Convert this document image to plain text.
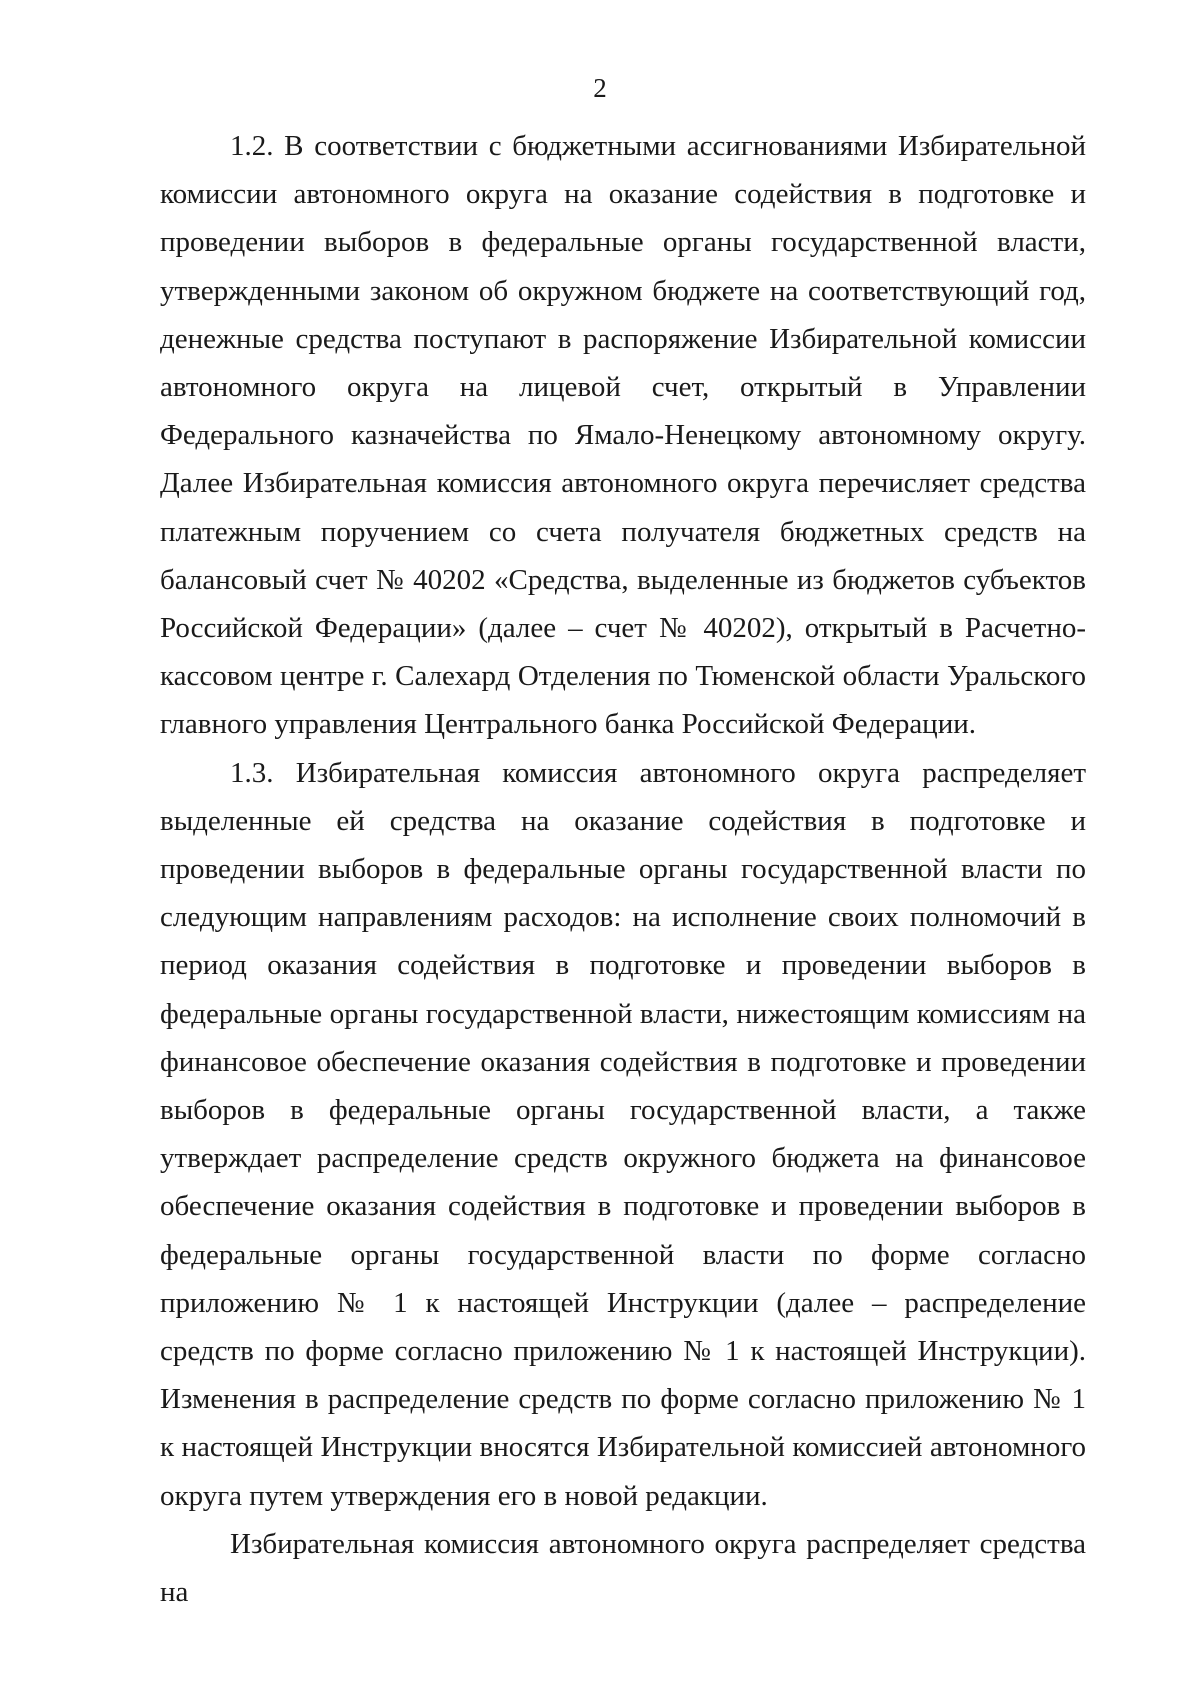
2

1.2. В соответствии с бюджетными ассигнованиями Избирательной комиссии автономного округа на оказание содействия в подготовке и проведении выборов в федеральные органы государственной власти, утвержденными законом об окружном бюджете на соответствующий год, денежные средства поступают в распоряжение Избирательной комиссии автономного округа на лицевой счет, открытый в Управлении Федерального казначейства по Ямало-Ненецкому автономному округу. Далее Избирательная комиссия автономного округа перечисляет средства платежным поручением со счета получателя бюджетных средств на балансовый счет № 40202 «Средства, выделенные из бюджетов субъектов Российской Федерации» (далее – счет № 40202), открытый в Расчетно-кассовом центре г. Салехард Отделения по Тюменской области Уральского главного управления Центрального банка Российской Федерации.

1.3. Избирательная комиссия автономного округа распределяет выделенные ей средства на оказание содействия в подготовке и проведении выборов в федеральные органы государственной власти по следующим направлениям расходов: на исполнение своих полномочий в период оказания содействия в подготовке и проведении выборов в федеральные органы государственной власти, нижестоящим комиссиям на финансовое обеспечение оказания содействия в подготовке и проведении выборов в федеральные органы государственной власти, а также утверждает распределение средств окружного бюджета на финансовое обеспечение оказания содействия в подготовке и проведении выборов в федеральные органы государственной власти по форме согласно приложению № 1 к настоящей Инструкции (далее – распределение средств по форме согласно приложению № 1 к настоящей Инструкции). Изменения в распределение средств по форме согласно приложению № 1 к настоящей Инструкции вносятся Избирательной комиссией автономного округа путем утверждения его в новой редакции.

Избирательная комиссия автономного округа распределяет средства на
